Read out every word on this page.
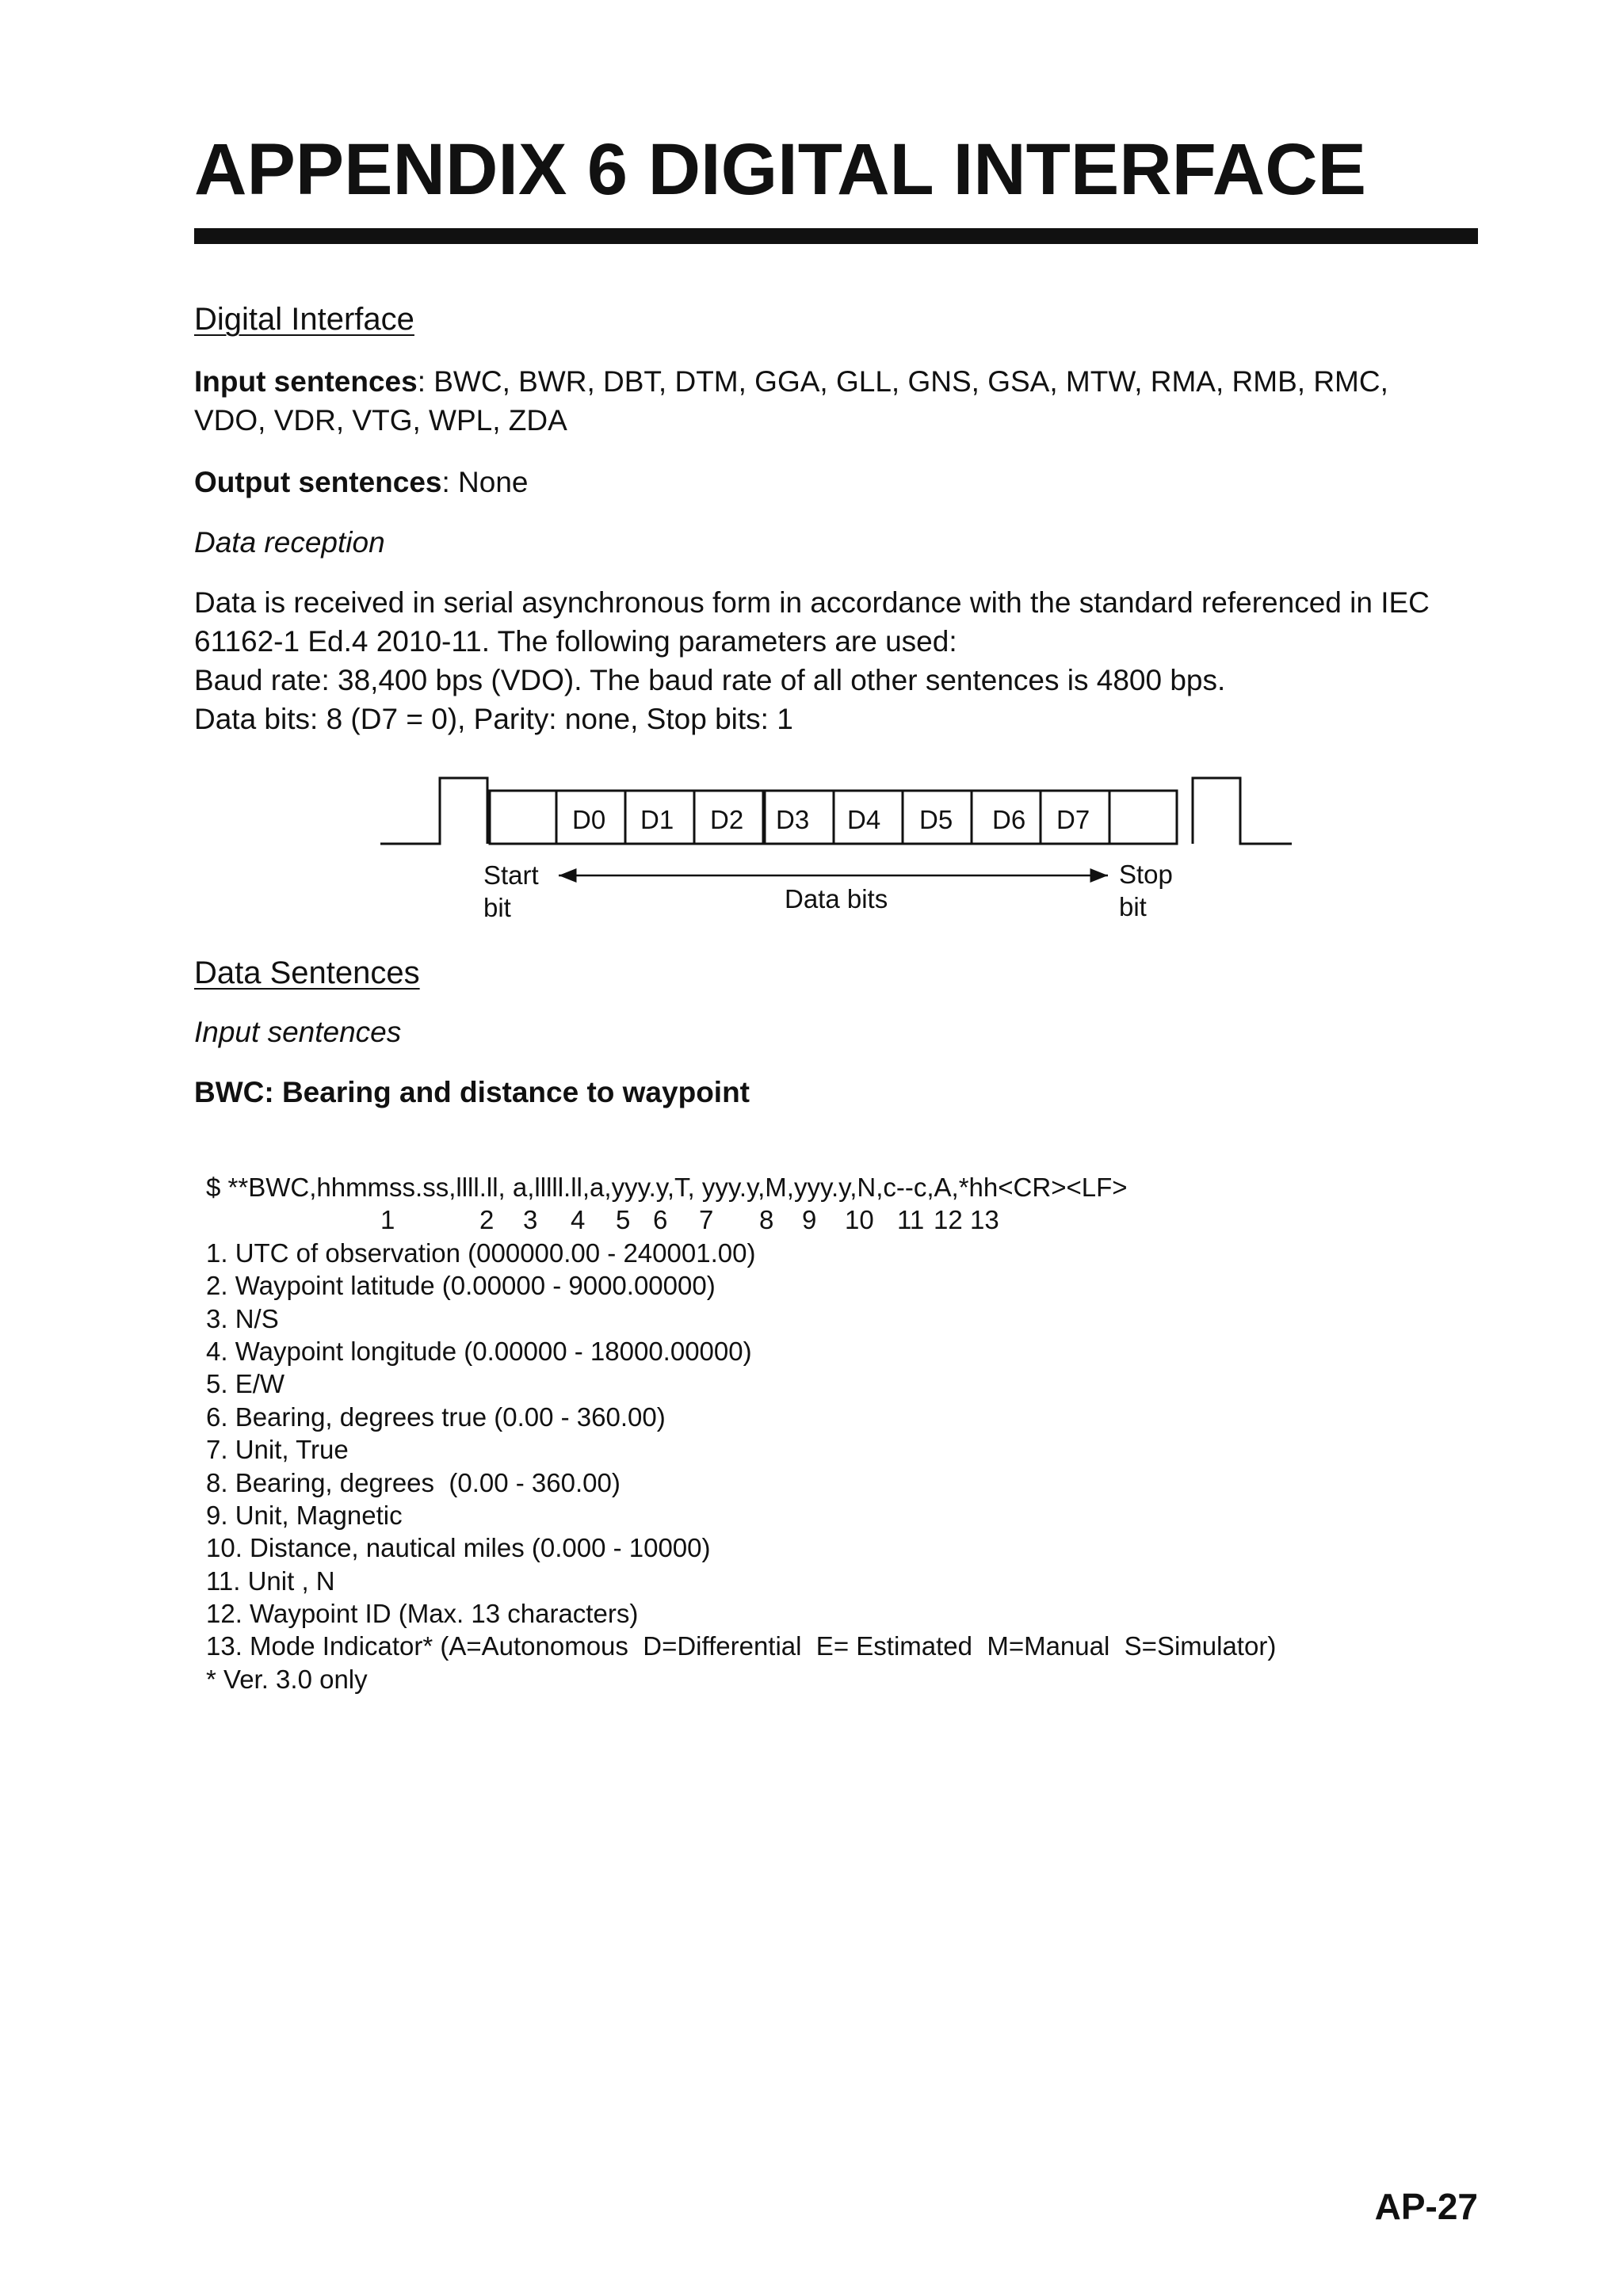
APPENDIX 6 DIGITAL INTERFACE
Digital Interface

Input sentences: BWC, BWR, DBT, DTM, GGA, GLL, GNS, GSA, MTW, RMA, RMB, RMC, VDO, VDR, VTG, WPL, ZDA

Output sentences: None

Data reception

Data is received in serial asynchronous form in accordance with the standard referenced in IEC
61162-1 Ed.4 2010-11. The following parameters are used:
Baud rate: 38,400 bps (VDO). The baud rate of all other sentences is 4800 bps.
Data bits: 8 (D7 = 0), Parity: none, Stop bits: 1
D0 D1 D2 D3 D4 D5 D6 D7
Start
bit	Data bits
Stop
bit
Data Sentences

Input sentences

BWC: Bearing and distance to waypoint

$ **BWC,hhmmss.ss,llll.ll, a,lllll.ll,a,yyy.y,T, yyy.y,M,yyy.y,N,c--c,A,*hh<CR><LF>
1	2 3 4 5 6 7 8 9 10 11 12 13
1. UTC of observation (000000.00 - 240001.00)
2. Waypoint latitude (0.00000 - 9000.00000)
3. N/S
4. Waypoint longitude (0.00000 - 18000.00000)
5. E/W
6. Bearing, degrees true (0.00 - 360.00)
7. Unit, True
8. Bearing, degrees  (0.00 - 360.00)
9. Unit, Magnetic
10. Distance, nautical miles (0.000 - 10000)
11. Unit , N
12. Waypoint ID (Max. 13 characters)
13. Mode Indicator* (A=Autonomous  D=Differential  E= Estimated  M=Manual  S=Simulator)
* Ver. 3.0 only
AP-27
